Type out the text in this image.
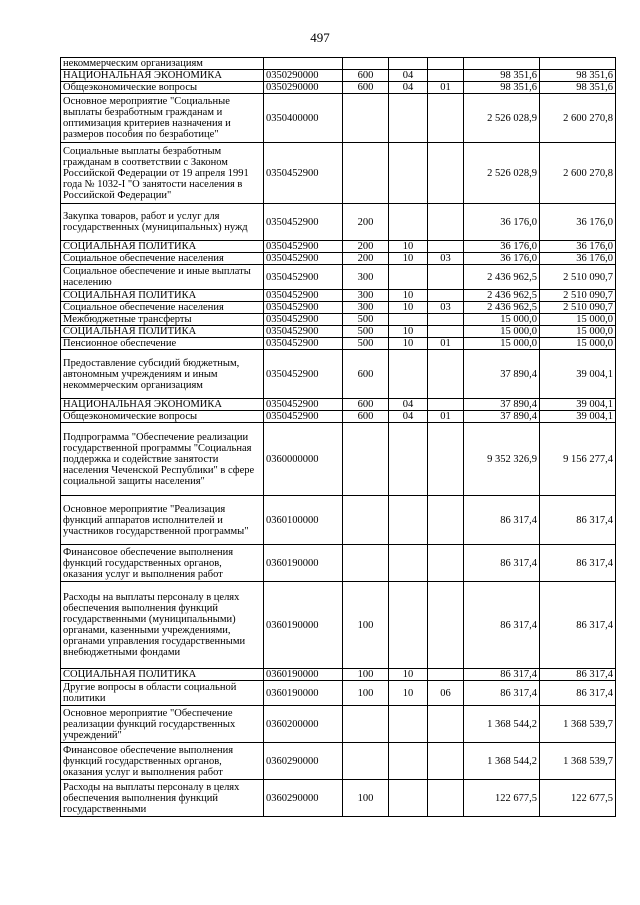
497
некоммерческим организациям						
НАЦИОНАЛЬНАЯ ЭКОНОМИКА	0350290000	600	04		98 351,6	98 351,6
Общеэкономические вопросы	0350290000	600	04	01	98 351,6	98 351,6
Основное мероприятие "Социальные выплаты безработным гражданам и оптимизация критериев назначения и размеров пособия по безработице"	0350400000				2 526 028,9	2 600 270,8
Социальные выплаты безработным гражданам в соответствии с Законом Российской Федерации от 19 апреля 1991 года № 1032-I "О занятости населения в Российской Федерации"	0350452900				2 526 028,9	2 600 270,8
Закупка товаров, работ и услуг для государственных (муниципальных) нужд	0350452900	200			36 176,0	36 176,0
СОЦИАЛЬНАЯ ПОЛИТИКА	0350452900	200	10		36 176,0	36 176,0
Социальное обеспечение населения	0350452900	200	10	03	36 176,0	36 176,0
Социальное обеспечение и иные выплаты населению	0350452900	300			2 436 962,5	2 510 090,7
СОЦИАЛЬНАЯ ПОЛИТИКА	0350452900	300	10		2 436 962,5	2 510 090,7
Социальное обеспечение населения	0350452900	300	10	03	2 436 962,5	2 510 090,7
Межбюджетные трансферты	0350452900	500			15 000,0	15 000,0
СОЦИАЛЬНАЯ ПОЛИТИКА	0350452900	500	10		15 000,0	15 000,0
Пенсионное обеспечение	0350452900	500	10	01	15 000,0	15 000,0
Предоставление субсидий бюджетным, автономным учреждениям и иным некоммерческим организациям	0350452900	600			37 890,4	39 004,1
НАЦИОНАЛЬНАЯ ЭКОНОМИКА	0350452900	600	04		37 890,4	39 004,1
Общеэкономические вопросы	0350452900	600	04	01	37 890,4	39 004,1
Подпрограмма "Обеспечение реализации государственной программы "Социальная поддержка и содействие занятости населения Чеченской Республики" в сфере социальной защиты населения"	0360000000				9 352 326,9	9 156 277,4
Основное мероприятие "Реализация функций аппаратов исполнителей и участников государственной программы"	0360100000				86 317,4	86 317,4
Финансовое обеспечение выполнения функций государственных органов, оказания услуг и выполнения работ	0360190000				86 317,4	86 317,4
Расходы на выплаты персоналу в целях обеспечения выполнения функций государственными (муниципальными) органами, казенными учреждениями, органами управления государственными внебюджетными фондами	0360190000	100			86 317,4	86 317,4
СОЦИАЛЬНАЯ ПОЛИТИКА	0360190000	100	10		86 317,4	86 317,4
Другие вопросы в области социальной политики	0360190000	100	10	06	86 317,4	86 317,4
Основное мероприятие "Обеспечение реализации функций государственных учреждений"	0360200000				1 368 544,2	1 368 539,7
Финансовое обеспечение выполнения функций государственных органов, оказания услуг и выполнения работ	0360290000				1 368 544,2	1 368 539,7
Расходы на выплаты персоналу в целях обеспечения выполнения функций государственными	0360290000	100			122 677,5	122 677,5
